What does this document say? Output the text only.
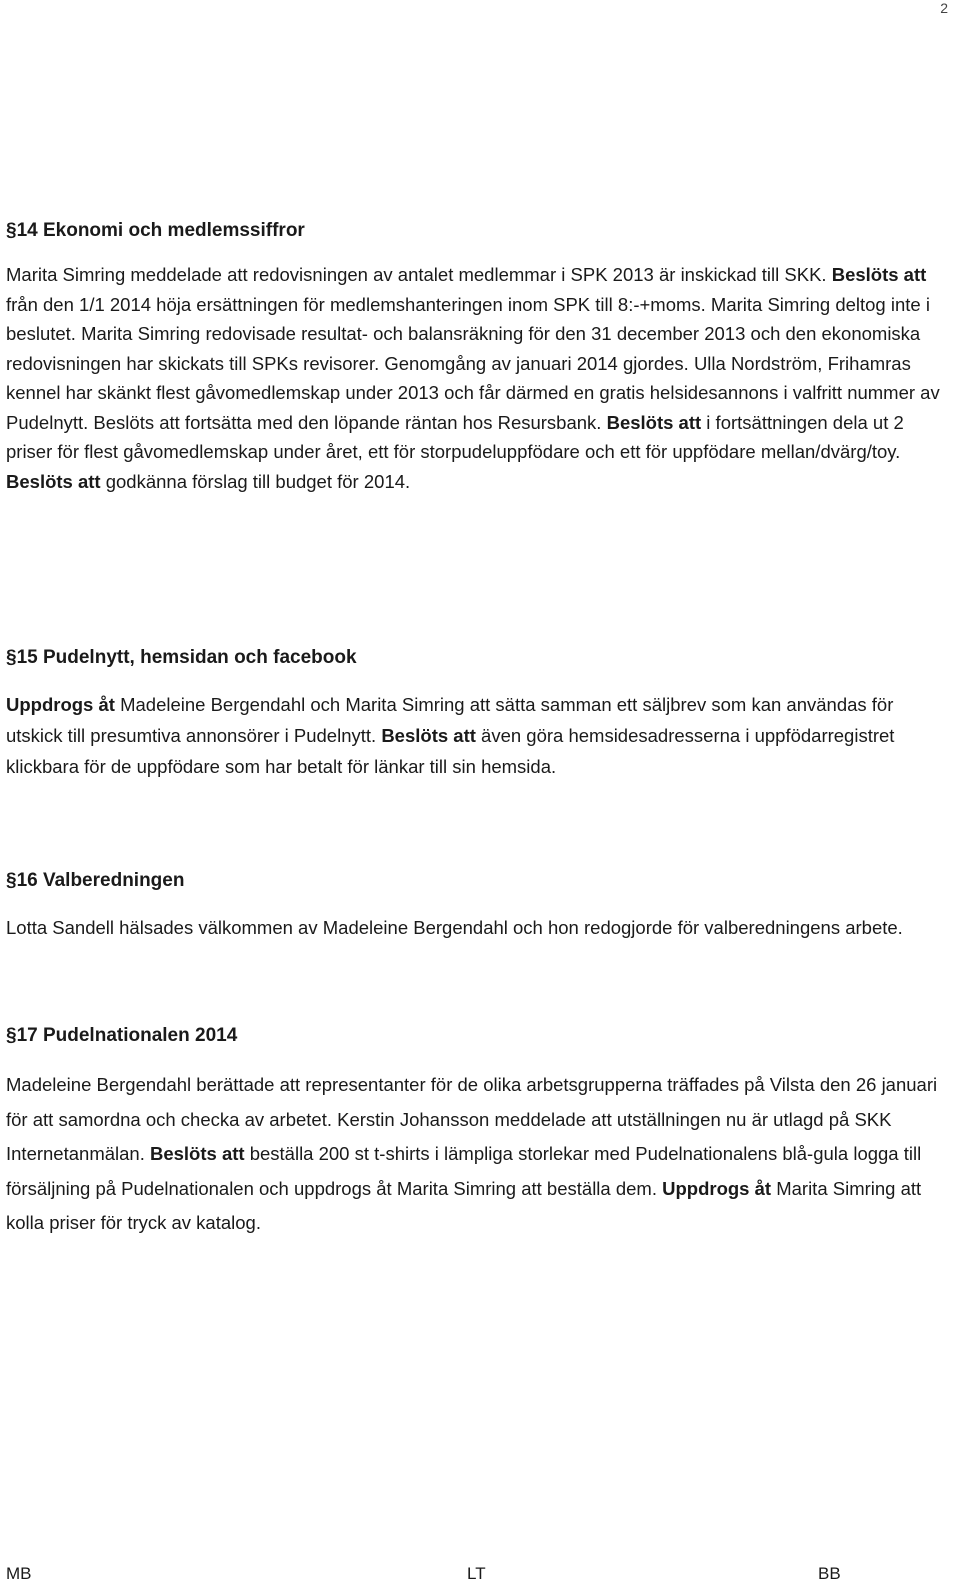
2
§14 Ekonomi och medlemssiffror

Marita Simring meddelade att redovisningen av antalet medlemmar i SPK 2013 är inskickad till SKK. Beslöts att från den 1/1 2014 höja ersättningen för medlemshanteringen inom SPK till 8:-+moms. Marita Simring deltog inte i beslutet. Marita Simring redovisade resultat- och balansräkning för den 31 december 2013 och den ekonomiska redovisningen har skickats till SPKs revisorer. Genomgång av januari 2014 gjordes. Ulla Nordström, Frihamras kennel har skänkt flest gåvomedlemskap under 2013 och får därmed en gratis helsidesannons i valfritt nummer av Pudelnytt. Beslöts att fortsätta med den löpande räntan hos Resursbank. Beslöts att i fortsättningen dela ut 2 priser för flest gåvomedlemskap under året, ett för storpudeluppfödare och ett för uppfödare mellan/dvärg/toy. Beslöts att godkänna förslag till budget för 2014.

§15 Pudelnytt, hemsidan och facebook

Uppdrogs åt Madeleine Bergendahl och Marita Simring att sätta samman ett säljbrev som kan användas för utskick till presumtiva annonsörer i Pudelnytt. Beslöts att även göra hemsidesadresserna i uppfödarregistret klickbara för de uppfödare som har betalt för länkar till sin hemsida.

§16 Valberedningen

Lotta Sandell hälsades välkommen av Madeleine Bergendahl och hon redogjorde för valberedningens arbete.

§17 Pudelnationalen 2014

Madeleine Bergendahl berättade att representanter för de olika arbetsgrupperna träffades på Vilsta den 26 januari för att samordna och checka av arbetet. Kerstin Johansson meddelade att utställningen nu är utlagd på SKK Internetanmälan. Beslöts att beställa 200 st t-shirts i lämpliga storlekar med Pudelnationalens blå-gula logga till försäljning på Pudelnationalen och uppdrogs åt Marita Simring att beställa dem. Uppdrogs åt Marita Simring att kolla priser för tryck av katalog.

MB	LT	BB
